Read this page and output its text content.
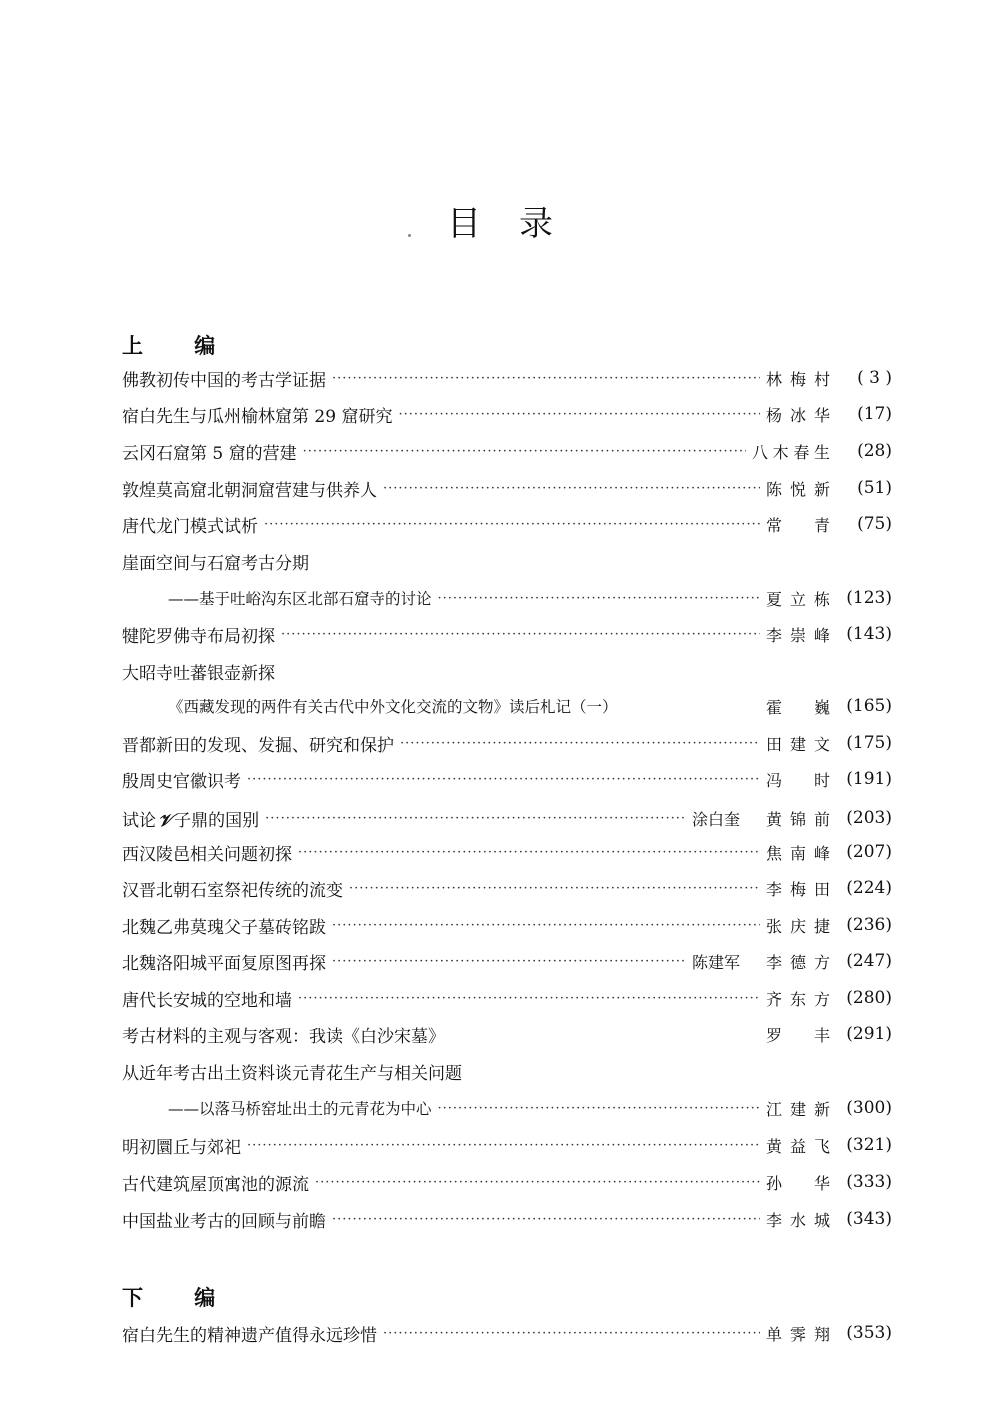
目录
上 编
佛教初传中国的考古学证据 ·····	林梅村	( 3 )
宿白先生与瓜州榆林窟第 29 窟研究 ·····	杨冰华	(17)
云冈石窟第 5 窟的营建 ·····	八木春生	(28)
敦煌莫高窟北朝洞窟营建与供养人 ·····	陈悦新	(51)
唐代龙门模式试析 ·····	常 青	(75)
崖面空间与石窟考古分期
——基于吐峪沟东区北部石窟寺的讨论 ·····	夏立栋 (123)
犍陀罗佛寺布局初探 ·····	李崇峰 (143)
大昭寺吐蕃银壶新探
《西藏发现的两件有关古代中外文化交流的文物》读后札记（一）	霍 巍 (165)
晋都新田的发现、发掘、研究和保护 ·····	田建文 (175)
殷周史官徽识考 ·····	冯 时 (191)
试论 𝒱 子鼎的国别 ·····	涂白奎 黄锦前 (203)
西汉陵邑相关问题初探 ·····	焦南峰 (207)
汉晋北朝石室祭祀传统的流变 ·····	李梅田 (224)
北魏乙弗莫瑰父子墓砖铭跋 ·····	张庆捷 (236)
北魏洛阳城平面复原图再探 ·····	陈建军 李德方 (247)
唐代长安城的空地和墙 ·····	齐东方 (280)
考古材料的主观与客观：我读《白沙宋墓》	罗 丰 (291)
从近年考古出土资料谈元青花生产与相关问题
——以落马桥窑址出土的元青花为中心 ·····	江建新 (300)
明初圜丘与郊祀 ·····	黄益飞 (321)
古代建筑屋顶寓池的源流 ·····	孙 华 (333)
中国盐业考古的回顾与前瞻 ·····	李水城 (343)
下 编
宿白先生的精神遗产值得永远珍惜 ·····	单霁翔 (353)
